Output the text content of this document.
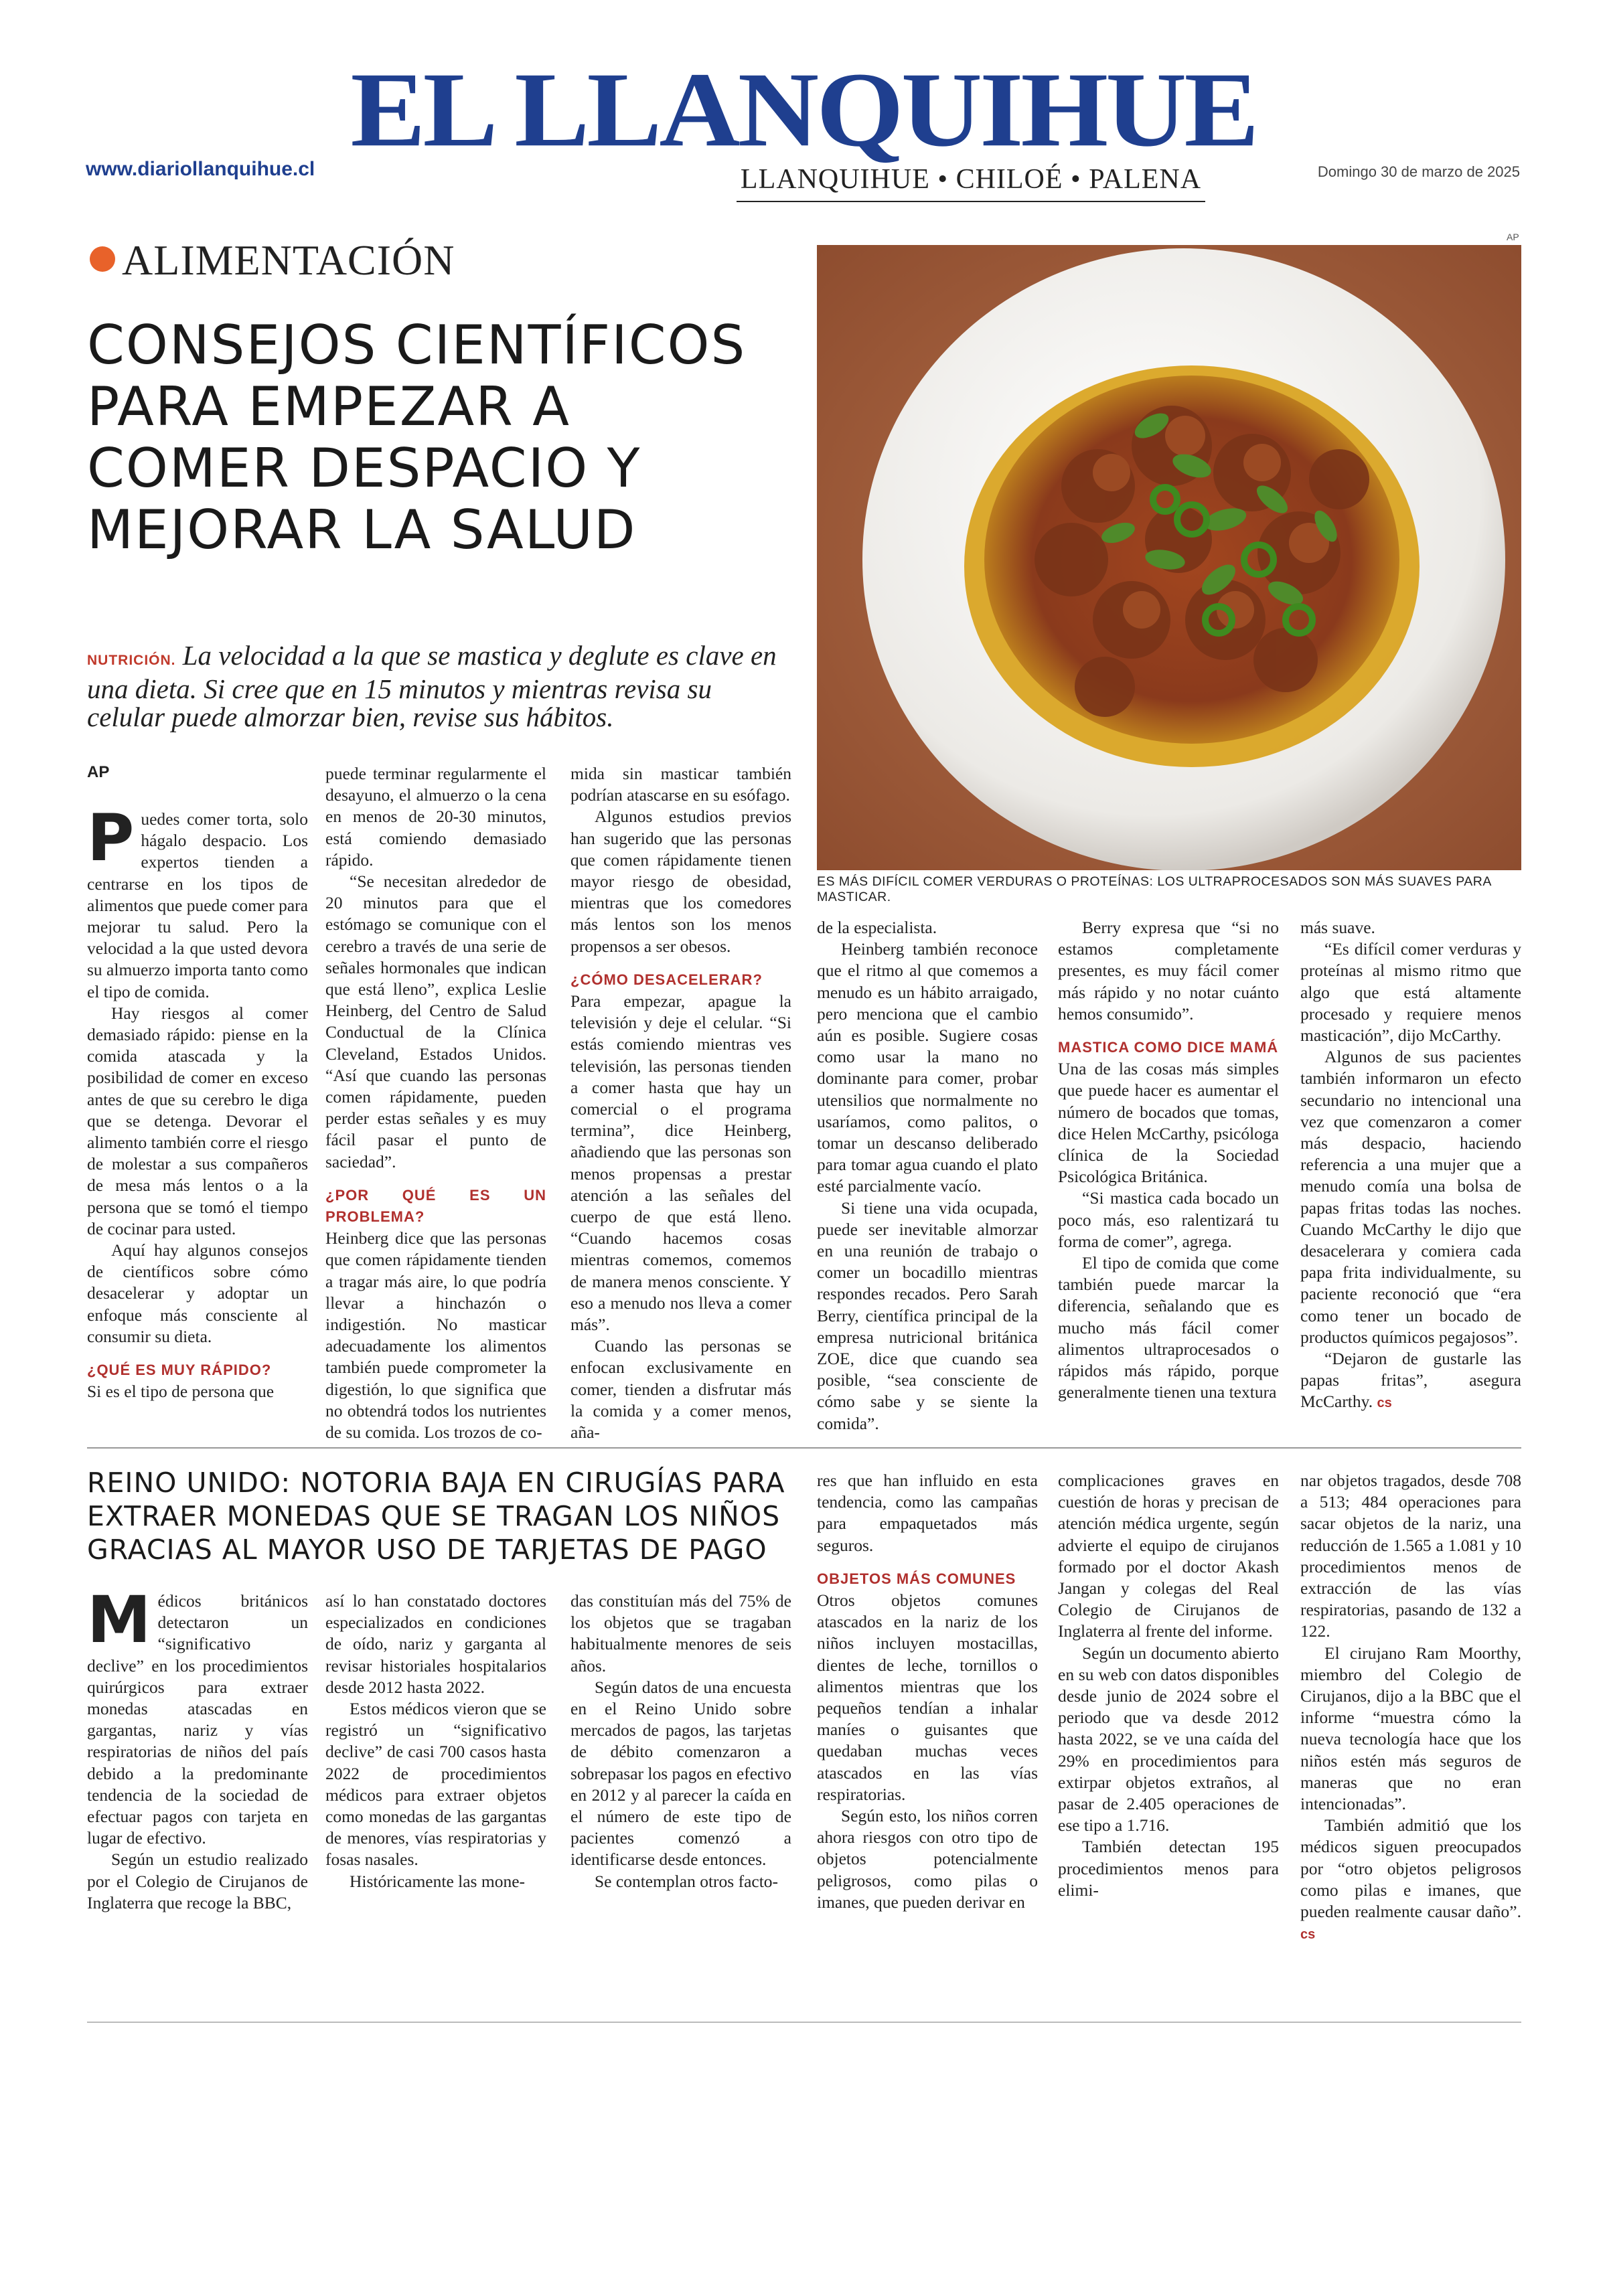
EL LLANQUIHUE
www.diariollanquihue.cl	LLANQUIHUE • CHILOÉ • PALENA	Domingo 30 de marzo de 2025
ALIMENTACIÓN
CONSEJOS CIENTÍFICOS PARA EMPEZAR A COMER DESPACIO Y MEJORAR LA SALUD
NUTRICIÓN. La velocidad a la que se mastica y deglute es clave en una dieta. Si cree que en 15 minutos y mientras revisa su celular puede almorzar bien, revise sus hábitos.
AP

Puedes comer torta, solo hágalo despacio. Los expertos tienden a centrarse en los tipos de alimentos que puede comer para mejorar tu salud. Pero la velocidad a la que usted devora su almuerzo importa tanto como el tipo de comida.

Hay riesgos al comer demasiado rápido: piense en la comida atascada y la posibilidad de comer en exceso antes de que su cerebro le diga que se detenga. Devorar el alimento también corre el riesgo de molestar a sus compañeros de mesa más lentos o a la persona que se tomó el tiempo de cocinar para usted.

Aquí hay algunos consejos de científicos sobre cómo desacelerar y adoptar un enfoque más consciente al consumir su dieta.

¿QUÉ ES MUY RÁPIDO?

Si es el tipo de persona que

puede terminar regularmente el desayuno, el almuerzo o la cena en menos de 20-30 minutos, está comiendo demasiado rápido.

“Se necesitan alrededor de 20 minutos para que el estómago se comunique con el cerebro a través de una serie de señales hormonales que indican que está lleno”, explica Leslie Heinberg, del Centro de Salud Conductual de la Clínica Cleveland, Estados Unidos. “Así que cuando las personas comen rápidamente, pueden perder estas señales y es muy fácil pasar el punto de saciedad”.

¿POR QUÉ ES UN PROBLEMA?

Heinberg dice que las personas que comen rápidamente tienden a tragar más aire, lo que podría llevar a hinchazón o indigestión. No masticar adecuadamente los alimentos también puede comprometer la digestión, lo que significa que no obtendrá todos los nutrientes de su comida. Los trozos de co-

mida sin masticar también podrían atascarse en su esófago.

Algunos estudios previos han sugerido que las personas que comen rápidamente tienen mayor riesgo de obesidad, mientras que los comedores más lentos son los menos propensos a ser obesos.

¿CÓMO DESACELERAR?

Para empezar, apague la televisión y deje el celular. “Si estás comiendo mientras ves televisión, las personas tienden a comer hasta que hay un comercial o el programa termina”, dice Heinberg, añadiendo que las personas son menos propensas a prestar atención a las señales del cuerpo de que está lleno. “Cuando hacemos cosas mientras comemos, comemos de manera menos consciente. Y eso a menudo nos lleva a comer más”.

Cuando las personas se enfocan exclusivamente en comer, tienden a disfrutar más la comida y a comer menos, aña-

AP
ES MÁS DIFÍCIL COMER VERDURAS O PROTEÍNAS: LOS ULTRAPROCESADOS SON MÁS SUAVES PARA MASTICAR.

de la especialista.

Heinberg también reconoce que el ritmo al que comemos a menudo es un hábito arraigado, pero menciona que el cambio aún es posible. Sugiere cosas como usar la mano no dominante para comer, probar utensilios que normalmente no usaríamos, como palitos, o tomar un descanso deliberado para tomar agua cuando el plato esté parcialmente vacío.

Si tiene una vida ocupada, puede ser inevitable almorzar en una reunión de trabajo o comer un bocadillo mientras respondes recados. Pero Sarah Berry, científica principal de la empresa nutricional británica ZOE, dice que cuando sea posible, “sea consciente de cómo sabe y se siente la comida”.

Berry expresa que “si no estamos completamente presentes, es muy fácil comer más rápido y no notar cuánto hemos consumido”.

MASTICA COMO DICE MAMÁ

Una de las cosas más simples que puede hacer es aumentar el número de bocados que tomas, dice Helen McCarthy, psicóloga clínica de la Sociedad Psicológica Británica.

“Si mastica cada bocado un poco más, eso ralentizará tu forma de comer”, agrega.

El tipo de comida que come también puede marcar la diferencia, señalando que es mucho más fácil comer alimentos ultraprocesados o rápidos más rápido, porque generalmente tienen una textura

más suave.

“Es difícil comer verduras y proteínas al mismo ritmo que algo que está altamente procesado y requiere menos masticación”, dijo McCarthy.

Algunos de sus pacientes también informaron un efecto secundario no intencional una vez que comenzaron a comer más despacio, haciendo referencia a una mujer que a menudo comía una bolsa de papas fritas todas las noches. Cuando McCarthy le dijo que desacelerara y comiera cada papa frita individualmente, su paciente reconoció que “era como tener un bocado de productos químicos pegajosos”.

“Dejaron de gustarle las papas fritas”, asegura McCarthy. cs

REINO UNIDO: NOTORIA BAJA EN CIRUGÍAS PARA EXTRAER MONEDAS QUE SE TRAGAN LOS NIÑOS GRACIAS AL MAYOR USO DE TARJETAS DE PAGO

Médicos británicos detectaron un “significativo declive” en los procedimientos quirúrgicos para extraer monedas atascadas en gargantas, nariz y vías respiratorias de niños del país debido a la predominante tendencia de la sociedad de efectuar pagos con tarjeta en lugar de efectivo.

Según un estudio realizado por el Colegio de Cirujanos de Inglaterra que recoge la BBC,

así lo han constatado doctores especializados en condiciones de oído, nariz y garganta al revisar historiales hospitalarios desde 2012 hasta 2022.

Estos médicos vieron que se registró un “significativo declive” de casi 700 casos hasta 2022 de procedimientos médicos para extraer objetos como monedas de las gargantas de menores, vías respiratorias y fosas nasales.

Históricamente las mone-

das constituían más del 75% de los objetos que se tragaban habitualmente menores de seis años.

Según datos de una encuesta en el Reino Unido sobre mercados de pagos, las tarjetas de débito comenzaron a sobrepasar los pagos en efectivo en 2012 y al parecer la caída en el número de este tipo de pacientes comenzó a identificarse desde entonces.

Se contemplan otros facto-

res que han influido en esta tendencia, como las campañas para empaquetados más seguros.

OBJETOS MÁS COMUNES

Otros objetos comunes atascados en la nariz de los niños incluyen mostacillas, dientes de leche, tornillos o alimentos mientras que los pequeños tendían a inhalar maníes o guisantes que quedaban muchas veces atascados en las vías respiratorias.

Según esto, los niños corren ahora riesgos con otro tipo de objetos potencialmente peligrosos, como pilas o imanes, que pueden derivar en

complicaciones graves en cuestión de horas y precisan de atención médica urgente, según advierte el equipo de cirujanos formado por el doctor Akash Jangan y colegas del Real Colegio de Cirujanos de Inglaterra al frente del informe.

Según un documento abierto en su web con datos disponibles desde junio de 2024 sobre el periodo que va desde 2012 hasta 2022, se ve una caída del 29% en procedimientos para extirpar objetos extraños, al pasar de 2.405 operaciones de ese tipo a 1.716.

También detectan 195 procedimientos menos para elimi-

nar objetos tragados, desde 708 a 513; 484 operaciones para sacar objetos de la nariz, una reducción de 1.565 a 1.081 y 10 procedimientos menos de extracción de las vías respiratorias, pasando de 132 a 122.

El cirujano Ram Moorthy, miembro del Colegio de Cirujanos, dijo a la BBC que el informe “muestra cómo la nueva tecnología hace que los niños estén más seguros de maneras que no eran intencionadas”.

También admitió que los médicos siguen preocupados por “otro objetos peligrosos como pilas e imanes, que pueden realmente causar daño”. cs
